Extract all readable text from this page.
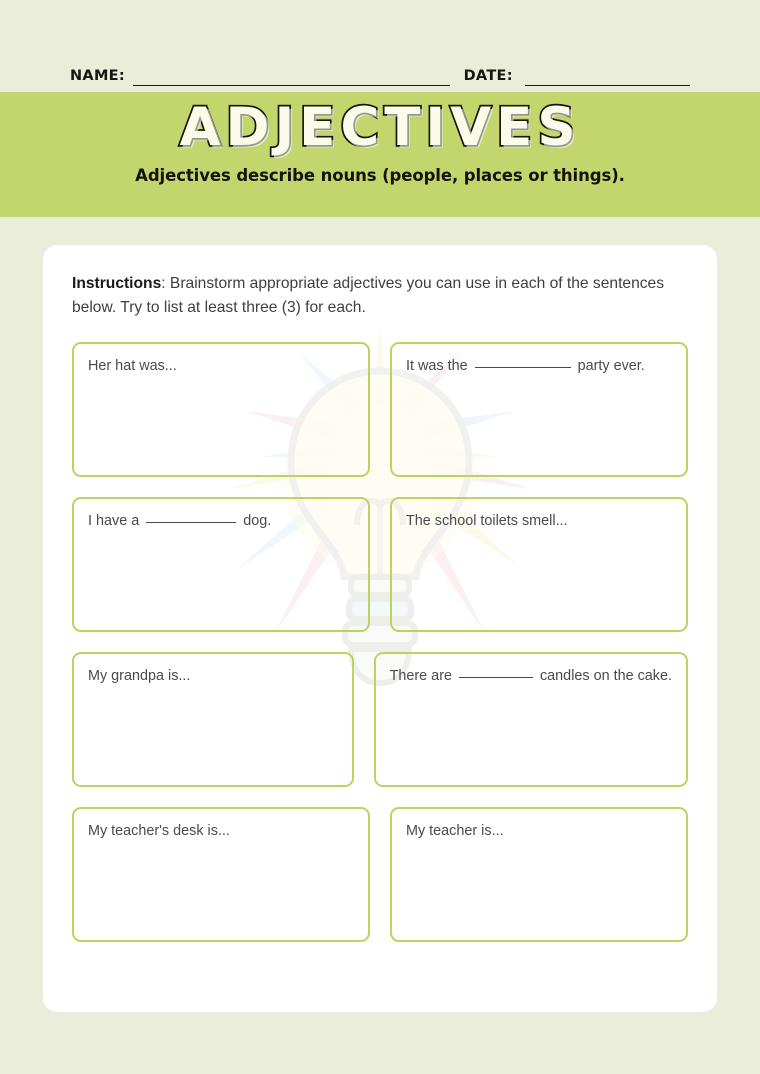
NAME:	DATE:
ADJECTIVES
Adjectives describe nouns (people, places or things).

Instructions: Brainstorm appropriate adjectives you can use in each of the sentences below. Try to list at least three (3) for each.

Her hat was...	It was the	party ever.
I have a	dog.	The school toilets smell...
My grandpa is...	There are	candles on the cake.
My teacher's desk is...	My teacher is...
